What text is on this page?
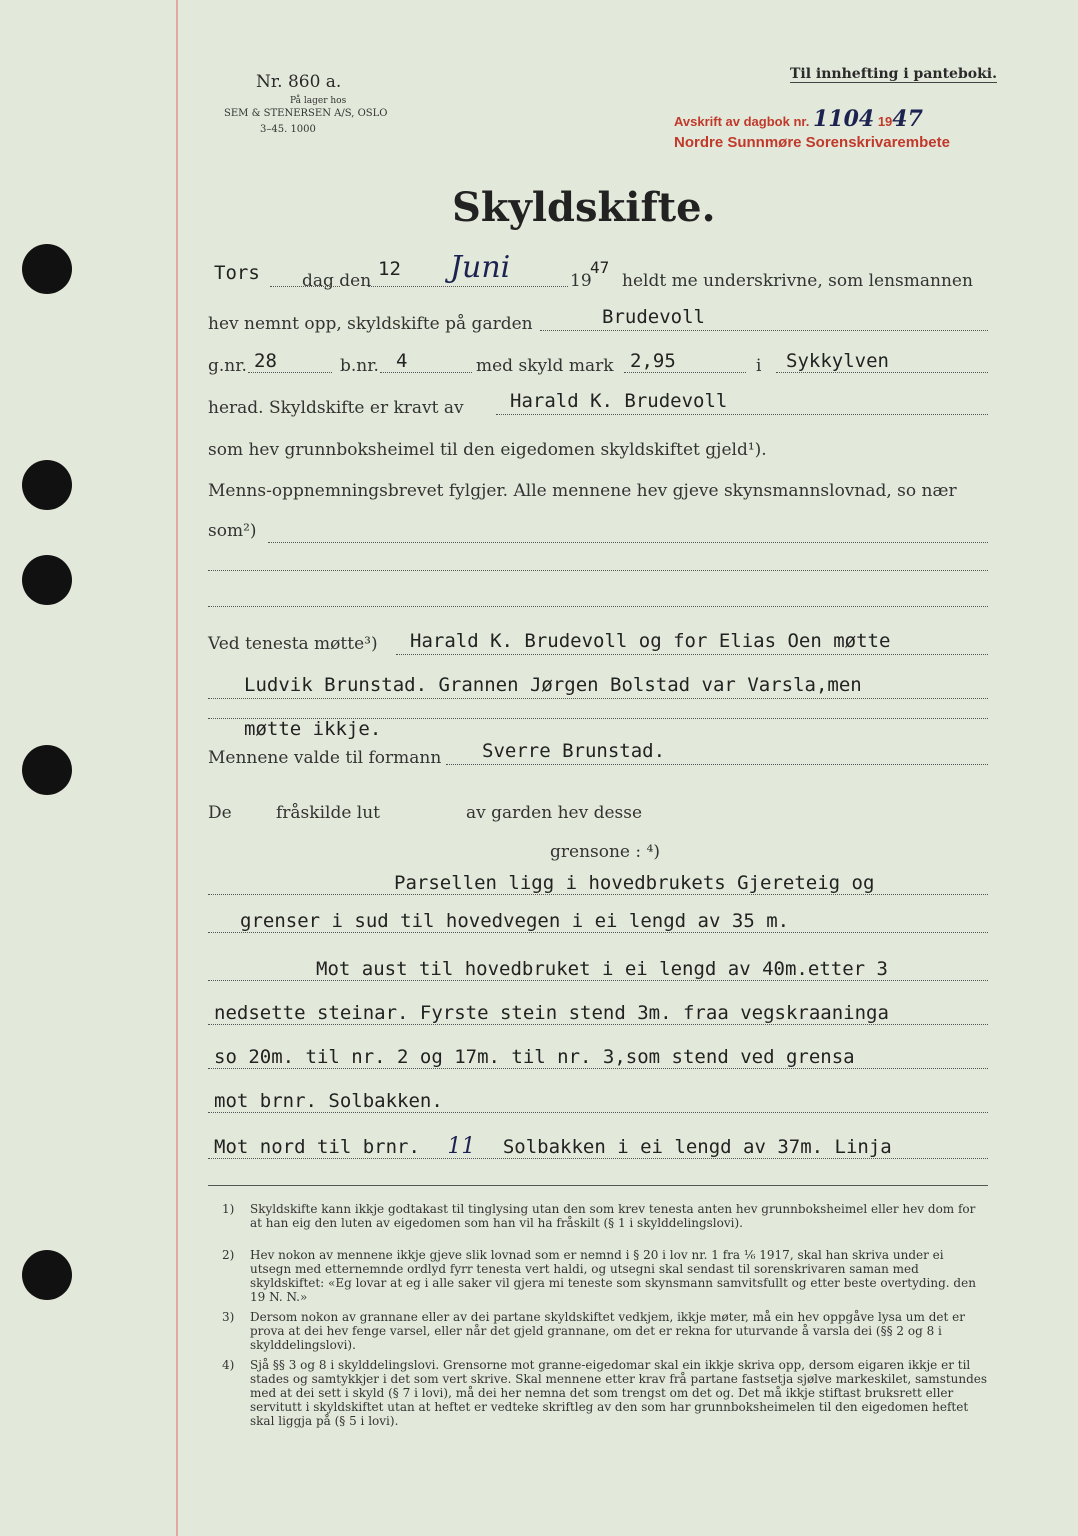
Nr. 860 a.
På lager hos
SEM & STENERSEN A/S, OSLO
3–45. 1000
Til innhefting i panteboki.
Avskrift av dagbok nr. 1104 1947
Nordre Sunnmøre Sorenskrivarembete
Skyldskifte.
Tors dag den
12 Juni	19
47
heldt me underskrivne, som lensmannen
hev nemnt opp, skyldskifte på garden	Brudevoll
g.nr. 28	b.nr. 4	med skyld mark 2,95	i Sykkylven
herad. Skyldskifte er kravt av Harald K. Brudevoll
som hev grunnboksheimel til den eigedomen skyldskiftet gjeld¹).
Menns-oppnemningsbrevet fylgjer. Alle mennene hev gjeve skynsmannslovnad, so nær
som²)
Ved tenesta møtte³) Harald K. Brudevoll og for Elias Oen møtte
Ludvik Brunstad. Grannen Jørgen Bolstad var Varsla,men
møtte ikkje.
Mennene valde til formann Sverre Brunstad.
De	fråskilde lut	av garden hev desse
grensone : ⁴)
Parsellen ligg i hovedbrukets Gjereteig og
grenser i sud til hovedvegen i ei lengd av 35 m.
Mot aust til hovedbruket i ei lengd av 40m.etter 3
nedsette steinar. Fyrste stein stend 3m. fraa vegskraaninga
so 20m. til nr. 2 og 17m. til nr. 3,som stend ved grensa
mot brnr. Solbakken.
Mot nord til brnr. 11 Solbakken i ei lengd av 37m. Linja
1)	Skyldskifte kann ikkje godtakast til tinglysing utan den som krev tenesta anten hev grunnboksheimel eller hev dom for at han eig den luten av eigedomen som han vil ha fråskilt (§ 1 i skylddelingslovi).
2)	Hev nokon av mennene ikkje gjeve slik lovnad som er nemnd i § 20 i lov nr. 1 fra ⅙ 1917, skal han skriva under ei utsegn med etternemnde ordlyd fyrr tenesta vert haldi, og utsegni skal sendast til sorenskrivaren saman med skyldskiftet: «Eg lovar at eg i alle saker vil gjera mi teneste som skynsmann samvitsfullt og etter beste overtyding. den 19 N. N.»
3)	Dersom nokon av grannane eller av dei partane skyldskiftet vedkjem, ikkje møter, må ein hev oppgåve lysa um det er prova at dei hev fenge varsel, eller når det gjeld grannane, om det er rekna for uturvande å varsla dei (§§ 2 og 8 i skylddelingslovi).
4)	Sjå §§ 3 og 8 i skylddelingslovi. Grensorne mot granne-eigedomar skal ein ikkje skriva opp, dersom eigaren ikkje er til stades og samtykkjer i det som vert skrive. Skal mennene etter krav frå partane fastsetja sjølve markeskilet, samstundes med at dei sett i skyld (§ 7 i lovi), må dei her nemna det som trengst om det og. Det må ikkje stiftast bruksrett eller servitutt i skyldskiftet utan at heftet er vedteke skriftleg av den som har grunnboksheimelen til den eigedomen heftet skal liggja på (§ 5 i lovi).
